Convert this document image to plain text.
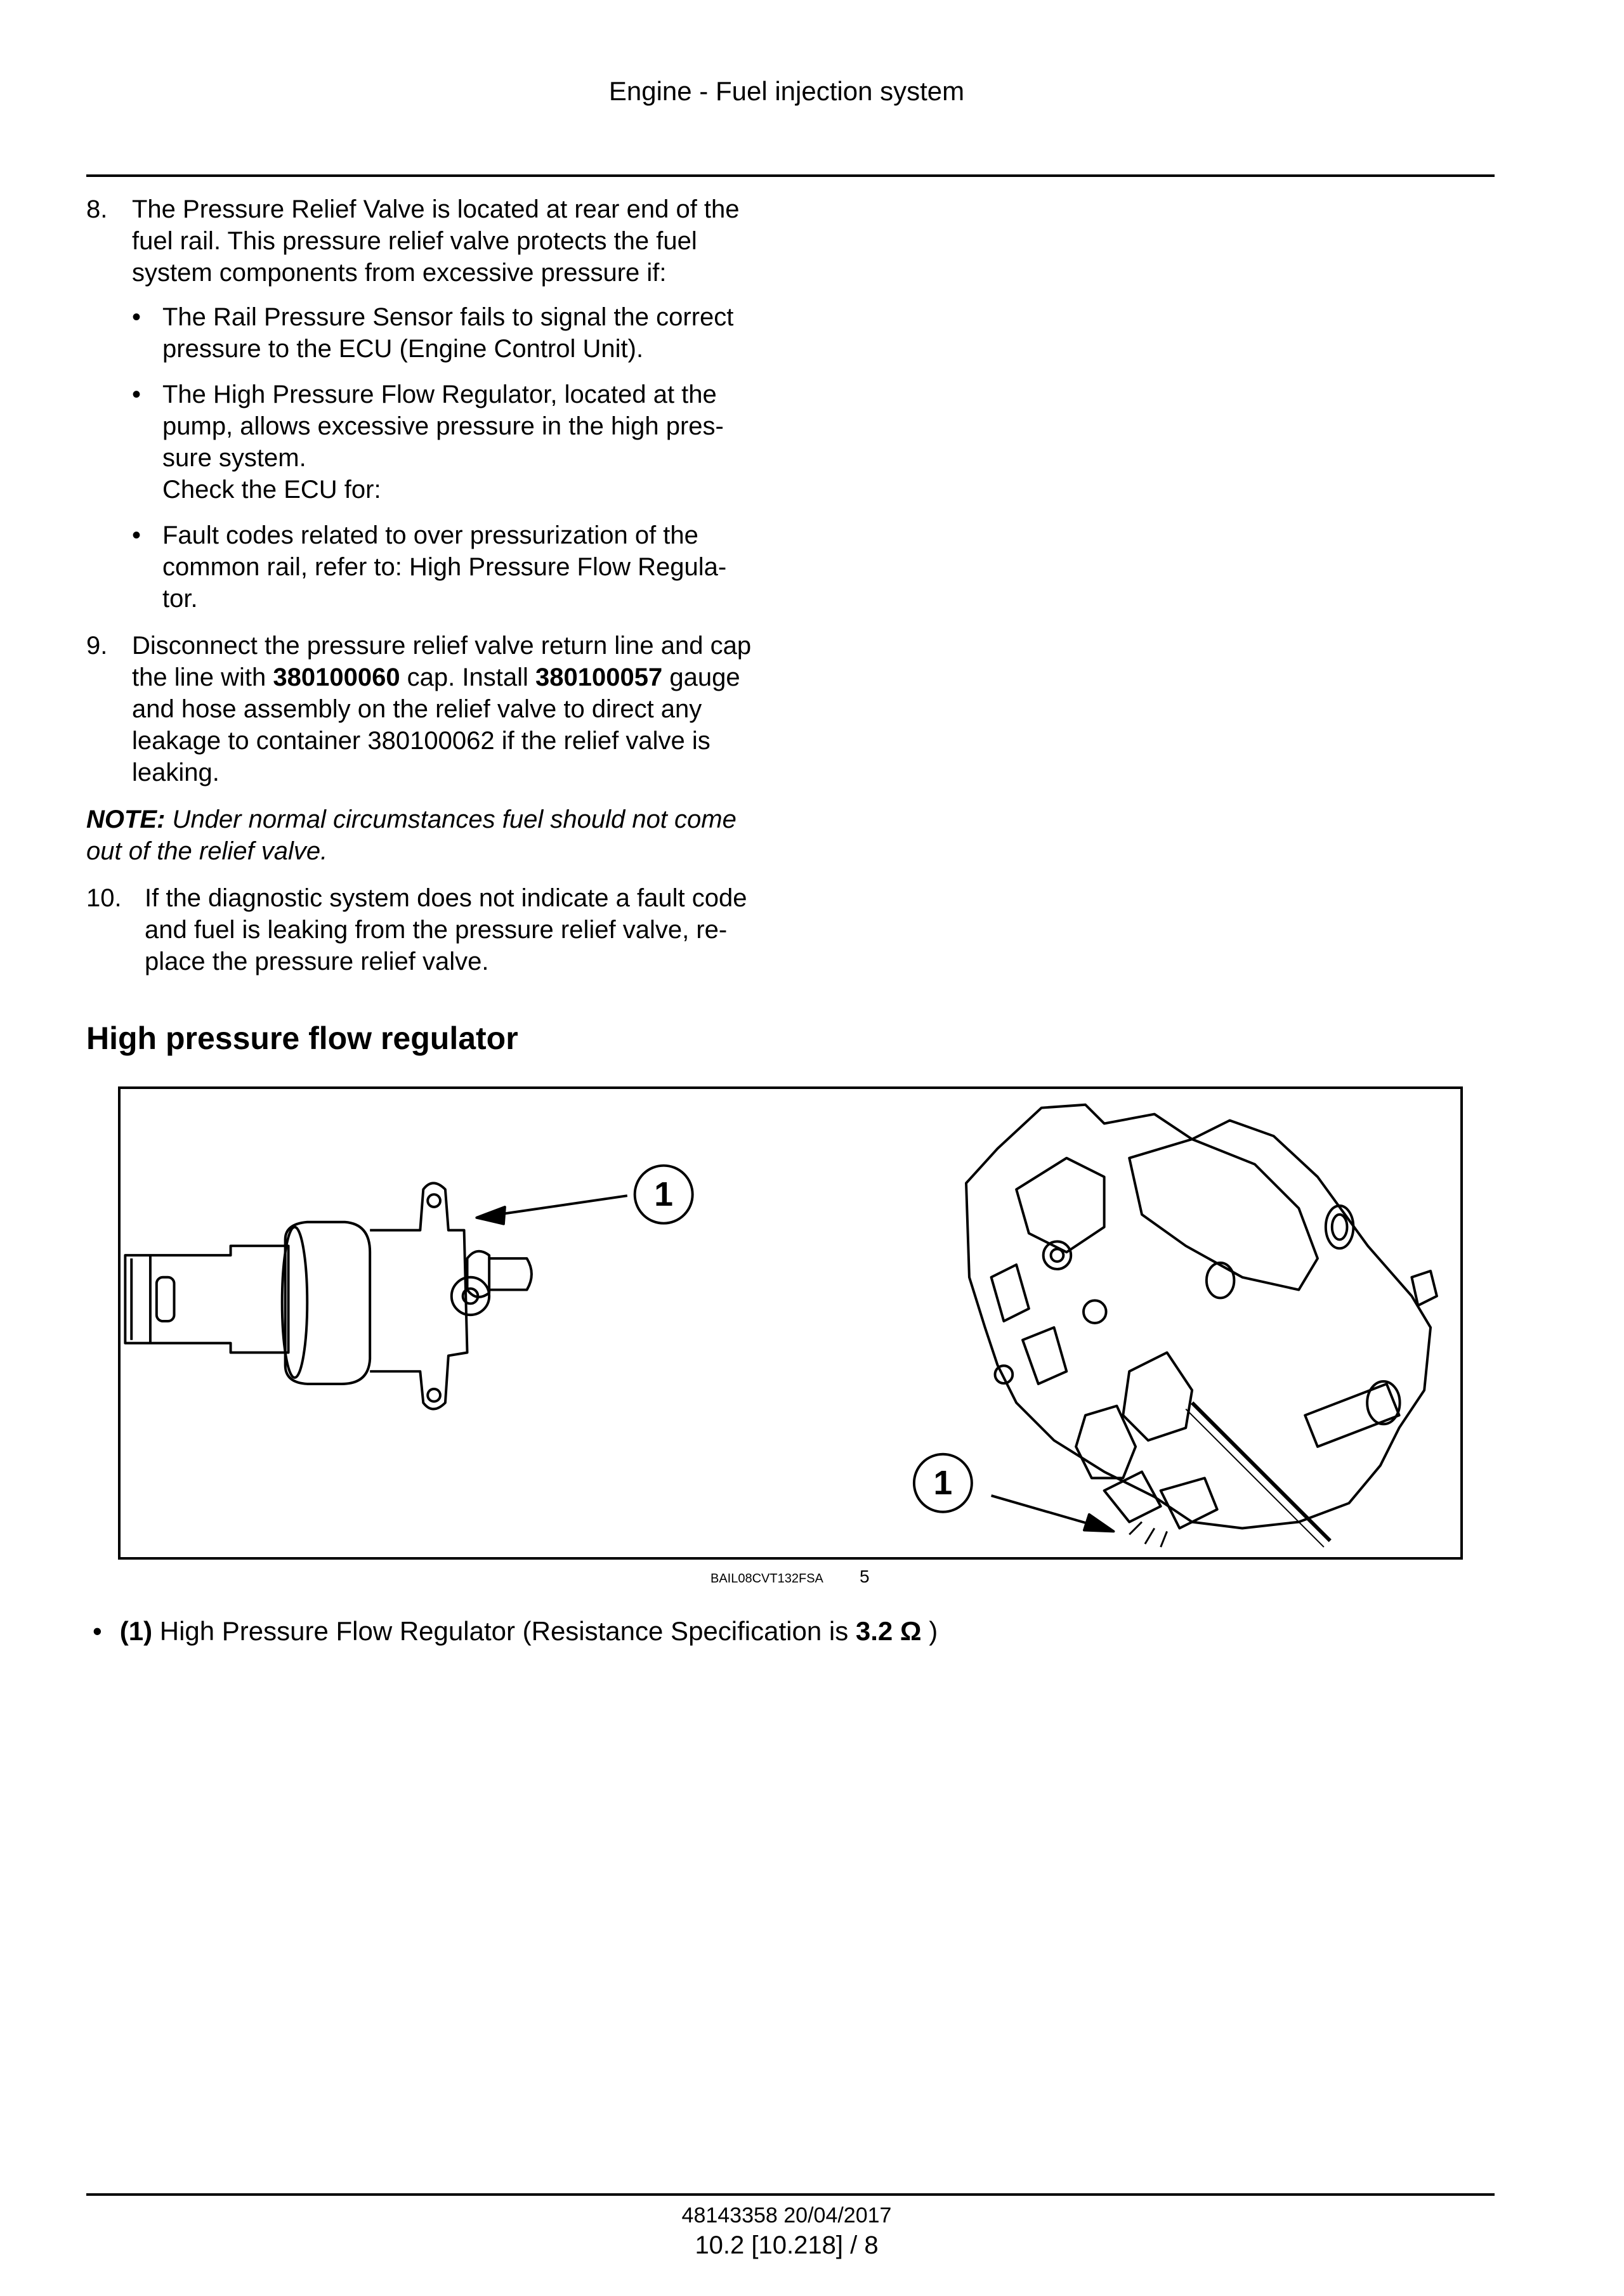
Engine - Fuel injection system
8. The Pressure Relief Valve is located at rear end of the
fuel rail. This pressure relief valve protects the fuel
system components from excessive pressure if:
• The Rail Pressure Sensor fails to signal the correct
pressure to the ECU (Engine Control Unit).
• The High Pressure Flow Regulator, located at the
pump, allows excessive pressure in the high pres-
sure system.
Check the ECU for:
• Fault codes related to over pressurization of the
common rail, refer to: High Pressure Flow Regula-
tor.
9. Disconnect the pressure relief valve return line and cap
the line with 380100060 cap. Install 380100057 gauge
and hose assembly on the relief valve to direct any
leakage to container 380100062 if the relief valve is
leaking.
NOTE: Under normal circumstances fuel should not come
out of the relief valve.
10. If the diagnostic system does not indicate a fault code
and fuel is leaking from the pressure relief valve, re-
place the pressure relief valve.
High pressure flow regulator
1
1
BAIL08CVT132FSA 5
• (1) High Pressure Flow Regulator (Resistance Specification is 3.2 Ω )
48143358 20/04/2017
10.2 [10.218] / 8
